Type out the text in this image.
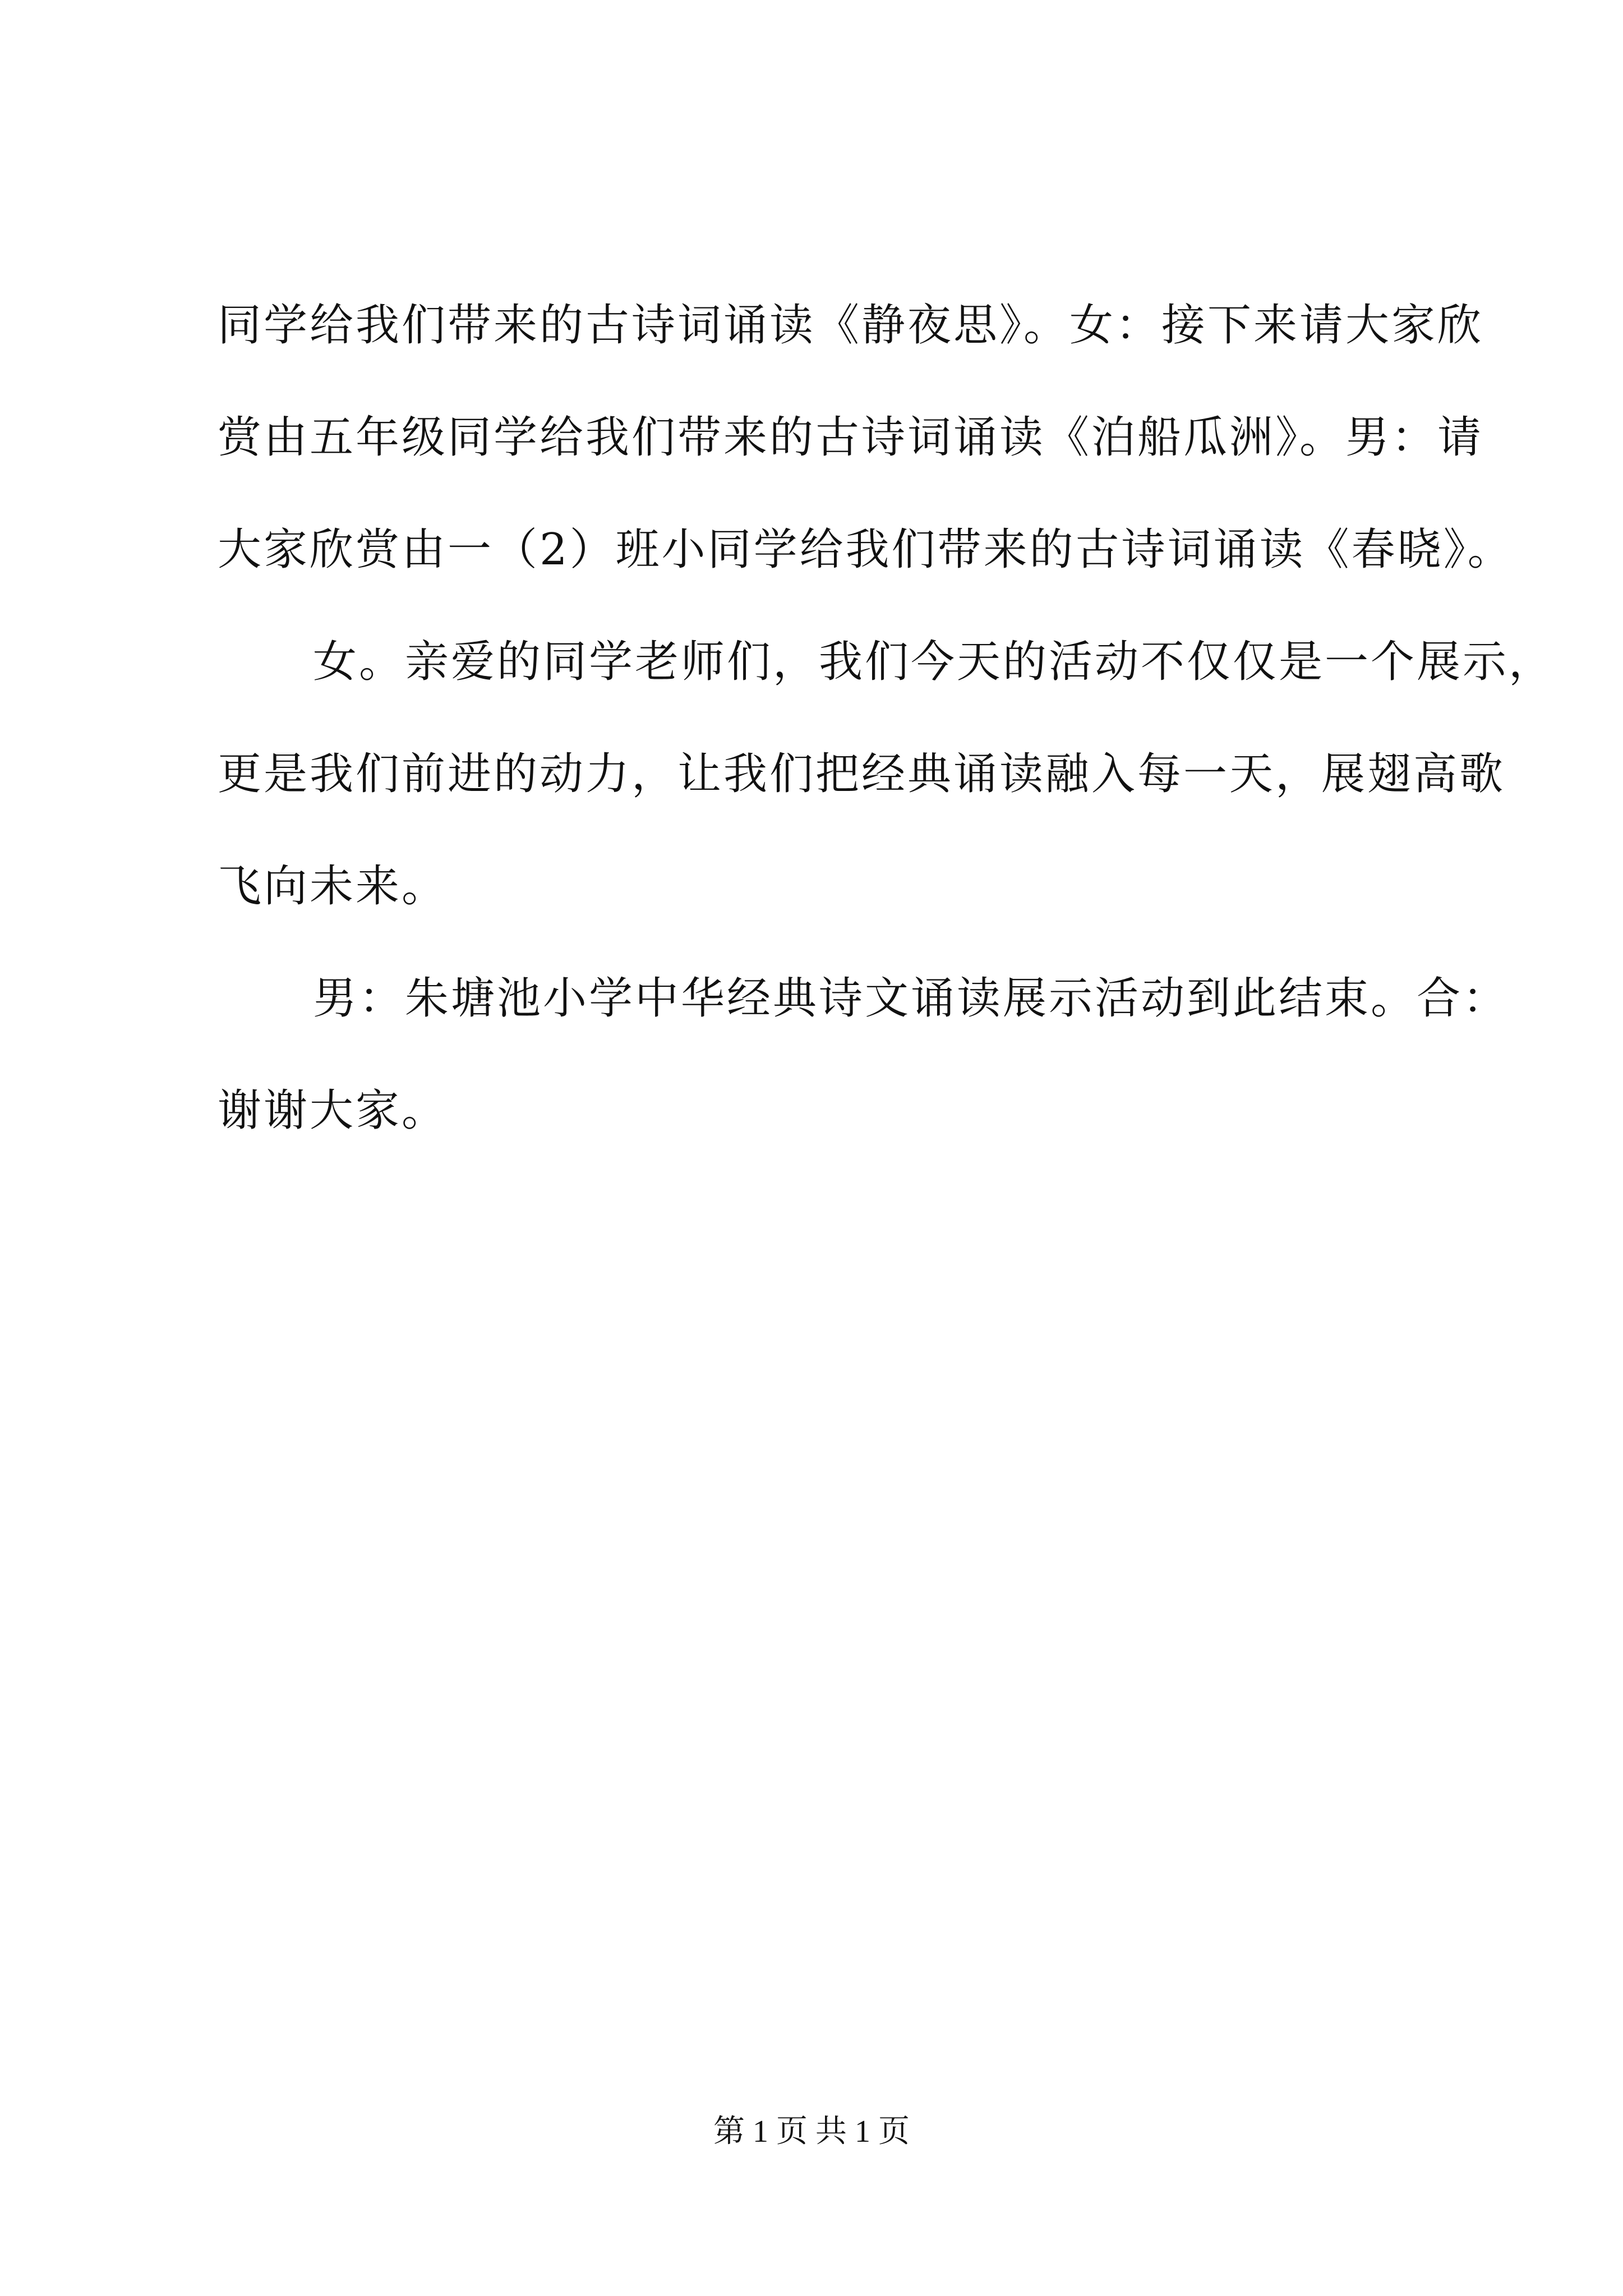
同学给我们带来的古诗词诵读《静夜思》。女：接下来请大家欣
赏由五年级同学给我们带来的古诗词诵读《泊船瓜洲》。男：请
大家欣赏由一（2）班小同学给我们带来的古诗词诵读《春晓》。
女。亲爱的同学老师们，我们今天的活动不仅仅是一个展示，
更是我们前进的动力，让我们把经典诵读融入每一天，展翅高歌
飞向未来。
男：朱塘池小学中华经典诗文诵读展示活动到此结束。合：
谢谢大家。
第 1 页 共 1 页
